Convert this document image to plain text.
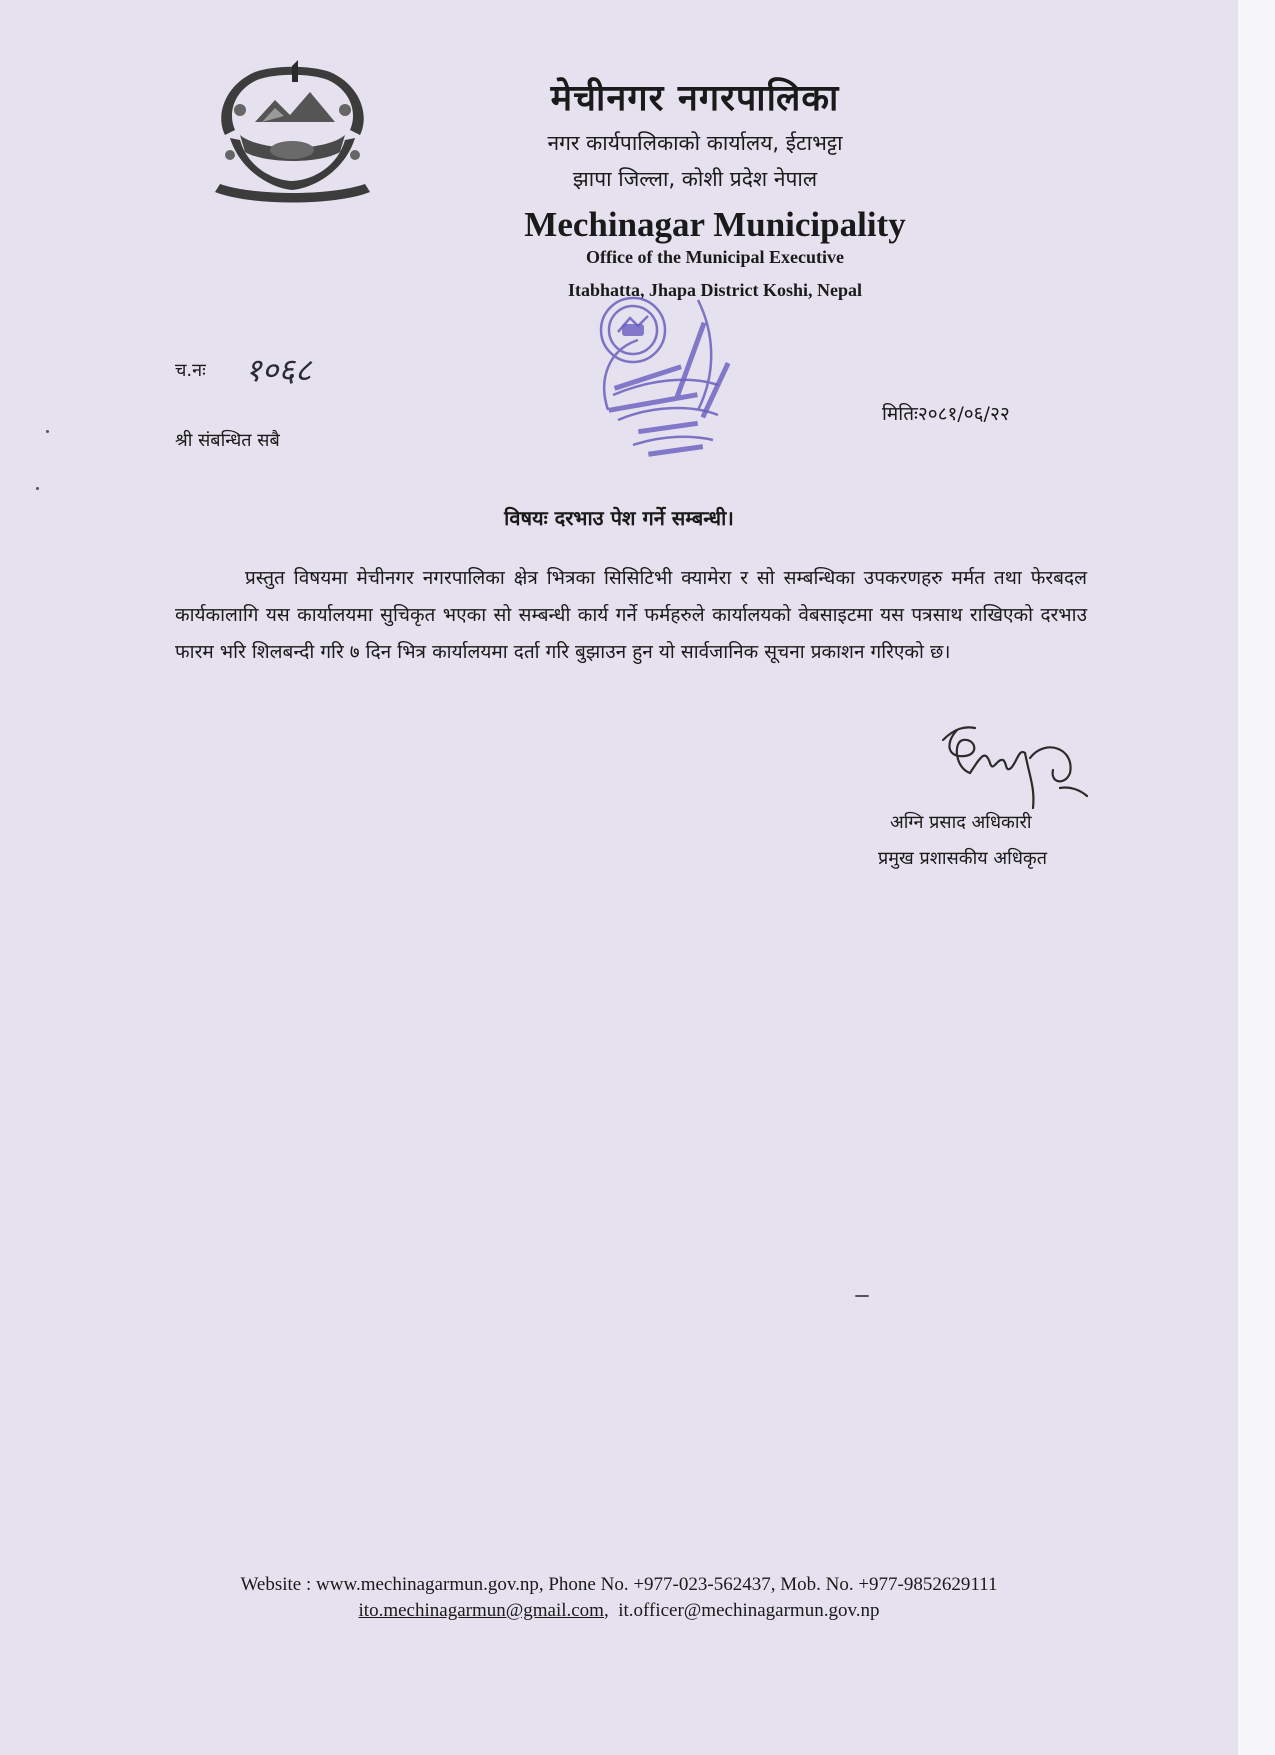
मेचीनगर नगरपालिका
नगर कार्यपालिकाको कार्यालय, ईटाभट्टा
झापा जिल्ला, कोशी प्रदेश नेपाल
Mechinagar Municipality
Office of the Municipal Executive
Itabhatta, Jhapa District Koshi, Nepal
च.नः १०६८
मितिः२०८१/०६/२२
श्री संबन्धित सबै
विषयः दरभाउ पेश गर्ने सम्बन्धी।
प्रस्तुत विषयमा मेचीनगर नगरपालिका क्षेत्र भित्रका सिसिटिभी क्यामेरा र सो सम्बन्धिका उपकरणहरु मर्मत तथा फेरबदल कार्यकालागि यस कार्यालयमा सुचिकृत भएका सो सम्बन्धी कार्य गर्ने फर्महरुले कार्यालयको वेबसाइटमा यस पत्रसाथ राखिएको दरभाउ फारम भरि शिलबन्दी गरि ७ दिन भित्र कार्यालयमा दर्ता गरि बुझाउन हुन यो सार्वजानिक सूचना प्रकाशन गरिएको छ।
अग्नि प्रसाद अधिकारी
प्रमुख प्रशासकीय अधिकृत
Website : www.mechinagarmun.gov.np, Phone No. +977-023-562437, Mob. No. +977-9852629111
ito.mechinagarmun@gmail.com, it.officer@mechinagarmun.gov.np
